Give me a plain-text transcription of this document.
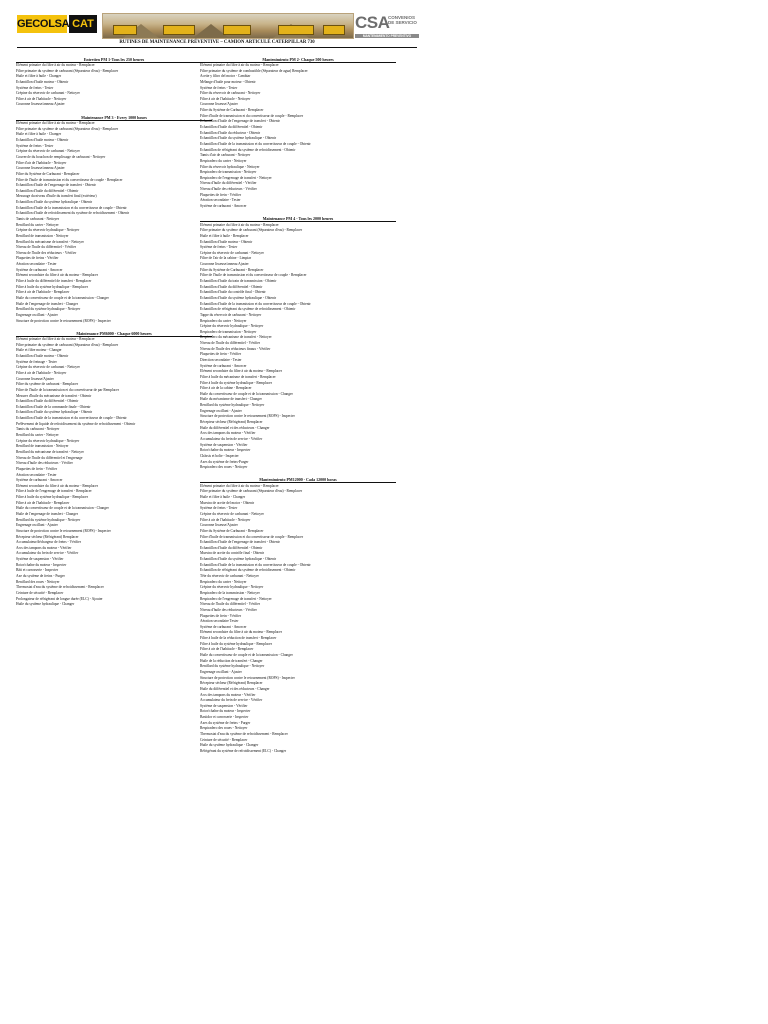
GECOLSA CAT	CSA
CONVENIOS DE SERVICIO
MANTENIMIENTO PREVENTIVO
RUTINES DE MAINTENANCE PRÉVENTIVE – CAMION ARTICULÉ CATERPILLAR 730
Entretien PM 1-Tous les 250 heures
Élément primaire du filtre à air du moteur - Remplacer
Filtre primaire du système de carburant (Séparateur d'eau) - Remplacer
Huile et filtre à huile - Changer
Échantillon d'huile moteur - Obtenir
Système de freins - Tester
Crépine du réservoir de carburant - Nettoyer
Filtre à air de l'habitacle - Nettoyer
Couronne lisseuse/anneau Ajuster
Maintenance PM 3 - Every 1000 hours
Élément primaire du filtre à air du moteur - Remplacer
Filtre primaire du système de carburant (Séparateur d'eau) - Remplacer
Huile et filtre à huile - Changer
Échantillon d'huile moteur - Obtenir
Système de freins - Tester
Crépine du réservoir de carburant - Nettoyer
Couvercle du bouchon de remplissage de carburant - Nettoyer
Filtre d'air de l'habitacle - Nettoyer
Couronne lisseuse/anneau Ajuster
Filtre du Système de Carburant - Remplacer
Filtre de l'huile de transmission et du convertisseur de couple - Remplacer
Échantillon d'huile de l'engrenage de transfert - Obtenir
Échantillon d'huile du différentiel - Obtenir
Mesurage du niveau d'huile du transfert final (extérieur)
Échantillon d'huile du système hydraulique - Obtenir
Échantillon d'huile de la transmission et du convertisseur de couple - Obtenir
Échantillon d'huile de refroidissement du système de refroidissement - Obtenir
Tamis de carburant - Nettoyer
Reniflard du carter - Nettoyer
Crépine du réservoir hydraulique - Nettoyer
Reniflard de transmission - Nettoyer
Reniflard du mécanisme de transfert - Nettoyer
Niveau de l'huile du différentiel - Vérifier
Niveau de l'huile des réducteurs - Vérifier
Plaquettes de freins - Vérifier
Aération secondaire - Tester
Système de carburant - Amorcer
Élément secondaire du filtre à air du moteur - Remplacer
Filtre à huile du différentiel de transfert - Remplacer
Filtre à huile du système hydraulique - Remplacer
Filtre à air de l'habitacle - Remplacer
Huile du convertisseur de couple et de la transmission - Changer
Huile de l'engrenage de transfert - Changer
Reniflard du système hydraulique - Nettoyer
Engrenage oscillant - Ajuster
Structure de protection contre le retournement (ROPS) - Inspecter
Maintenance PM6000 - Chaque 6000 heures
Élément primaire du filtre à air du moteur - Remplacer
Filtre primaire du système de carburant (Séparateur d'eau) - Remplacer
Huile et filtre moteur - Changer
Échantillon d'huile moteur - Obtenir
Système de freinage - Tester
Crépine du réservoir de carburant - Nettoyer
Filtre à air de l'habitacle - Nettoyer
Couronne lisseuse/Ajuster
Filtre du système de carburant - Remplacer
Filtre de l'huile de la transmission et du convertisseur de par Remplacer
Mesurer d'huile du mécanisme de transfert - Obtenir
Échantillon d'huile du différentiel - Obtenir
Échantillon d'huile de la commande finale - Obtenir
Échantillon d'huile du système hydraulique - Obtenir
Échantillon d'huile de la transmission et du convertisseur de couple - Obtenir
Prélèvement de liquide de refroidissement du système de refroidissement - Obtenir
Tamis du carburant - Nettoyer
Reniflard du carter - Nettoyer
Crépine du réservoir hydraulique - Nettoyer
Reniflard de transmission - Nettoyer
Reniflard du mécanisme de transfert - Nettoyer
Niveau de l'huile du différentiel et l'engrenage
Niveau d'huile des réducteurs - Vérifier
Plaquettes de frein - Vérifier
Aération secondaire - Tester
Système de carburant - Amorcer
Élément secondaire du filtre à air du moteur - Remplacer
Filtre à huile de l'engrenage de transfert - Remplacer
Filtre à huile du système hydraulique - Remplacer
Filtre à air de l'habitacle - Remplacer
Huile du convertisseur de couple et de la transmission - Changer
Huile de l'engrenage de transfert - Changer
Reniflard du système hydraulique - Nettoyer
Engrenage oscillant - Ajuster
Structure de protection contre le retournement (ROPS) - Inspecter
Récepteur sécheur (Réfrigérant) Remplacer
Accumulateur/déchargeur de freins - Vérifier
Arcs des tampons du moteur - Vérifier
Accumulateur du frein de service - Vérifier
Système de suspension - Vérifier
Rotor/chaîne du moteur - Inspecter
Bâti et carrosserie - Inspecter
Axe du système de freins - Purger
Reniflard des roues - Nettoyer
Thermostat d'eau du système de refroidissement - Remplacer
Ceinture de sécurité - Remplacer
Prolongateur de réfrigérant de longue durée (ELC) - Ajouter
Huile du système hydraulique - Changer
Mantenimiento PM 2- Chaque 500 heures
Élément primaire du filtre à air du moteur - Remplacer
Filtre primaire du système de combustible (Séparateur de agua) Remplacer
Aceite y filtro del motor - Cambiar
Mélange d'huile pour moteur - Obtenir
Système de freins - Tester
Filtre du réservoir de carburant - Nettoyer
Filtre à air de l'habitacle - Nettoyer
Couronne lisseuse/Ajuster
Filtre du Système de Carburant - Remplacer
Filtre d'huile de transmission et du convertisseur de couple - Remplacer
Échantillon d'huile de l'engrenage de transfert - Obtenir
Échantillon d'huile du différentiel - Obtenir
Échantillon d'huile du réducteur - Obtenir
Échantillon d'huile du système hydraulique - Obtenir
Échantillon d'huile de la transmission et du convertisseur de couple - Obtenir
Échantillon de réfrigérant du système de refroidissement - Obtenir
Tamis d'air de carburant - Nettoyer
Respiradero du carter - Nettoyer
Filtre du réservoir hydraulique - Nettoyer
Respiradero de transmission - Nettoyer
Respiradero de l'engrenage de transfert - Nettoyer
Niveau d'huile du différentiel - Vérifier
Niveau d'huile des réducteurs - Vérifier
Plaquettes de frein - Vérifier
Aération secondaire - Tester
Système de carburant - Amorcer
Maintenance PM 4 - Tous les 2000 heures
Élément primaire du filtre à air du moteur - Remplacer
Filtre primaire du système de carburant (Séparateur d'eau) - Remplacer
Huile et filtre à huile - Remplacer
Échantillon d'huile moteur - Obtenir
Système de freins - Tester
Crépine du réservoir de carburant - Nettoyer
Filtre de l'air de la cabine - Limpiar
Couronne lisseuse/anneau Ajuster
Filtre du Système de Carburant - Remplacer
Filtre de l'huile de transmission et du convertisseur de couple - Remplacer
Échantillon d'huile du train de transmission - Obtenir
Échantillon d'huile du différentiel - Obtenir
Échantillon d'huile du contrôle final - Obtenir
Échantillon d'huile du système hydraulique - Obtenir
Échantillon d'huile de la transmission et du convertisseur de couple - Obtenir
Échantillon de réfrigérant du système de refroidissement - Obtenir
Tappe du réservoir de carburant - Nettoyer
Respiradero du carter - Nettoyer
Crépine du réservoir hydraulique - Nettoyer
Respiradero de transmission - Nettoyer
Respiradero du mécanisme de transfert - Nettoyer
Niveau de l'huile du différentiel - Vérifier
Niveau de l'huile des réducteurs finaux - Vérifier
Plaquettes de frein - Vérifier
Direction secondaire - Tester
Système de carburant - Amorcer
Élément secondaire du filtre à air du moteur - Remplacer
Filtre à huile du mécanisme de transfert - Remplacer
Filtre à huile du système hydraulique - Remplacer
Filtre à air de la cabine - Remplacer
Huile du convertisseur de couple et de la transmission - Changer
Huile du mécanisme de transfert - Changer
Reniflard du système hydraulique - Nettoyer
Engrenage oscillant - Ajuster
Structure de protection contre le retournement (ROPS) - Inspecter
Récepteur sécheur (Réfrigérant) Remplacer
Huile du différentiel et des réducteurs - Changer
Arcs des tampons du moteur - Vérifier
Accumulateur du frein de service - Vérifier
Système de suspension - Vérifier
Rotor/chaîne du moteur - Inspecter
Châssis et boîte - Inspecter
Axes du système de freins-Purger
Respiradero des roues - Nettoyer
Mantenimiento PM12000 - Cada 12000 horas
Élément primaire du filtre à air du moteur - Remplacer
Filtre primaire du système de carburant (Séparateur d'eau) - Remplacer
Huile et filtre à huile - Changer
Muestra de aceite del motor - Obtenir
Système de freins - Tester
Crépine du réservoir de carburant - Nettoyer
Filtre à air de l'habitacle - Nettoyer
Couronne lisseuse/Ajuster
Filtre du Système de Carburant - Remplacer
Filtre d'huile de transmission et du convertisseur de couple - Remplacer
Échantillon d'huile de l'engrenage de transfert - Obtenir
Échantillon d'huile du différentiel - Obtenir
Muestra de aceite du contrôle final - Obtenir
Échantillon d'huile du système hydraulique - Obtenir
Échantillon d'huile de la transmission et du convertisseur de couple - Obtenir
Échantillon de réfrigérant du système de refroidissement - Obtenir
Tête du réservoir de carburant - Nettoyer
Respiradero du carter - Nettoyer
Crépine du réservoir hydraulique - Nettoyer
Respiradero de la transmission - Nettoyer
Respiradero de l'engrenage de transfert - Nettoyer
Niveau de l'huile du différentiel - Vérifier
Niveau d'huile des réducteurs - Vérifier
Plaquettes de frein - Vérifier
Aération secondaire Tester
Système de carburant - Amorcer
Élément secondaire du filtre à air du moteur - Remplacer
Filtre à huile de la réduction de transfert - Remplacer
Filtre à huile du système hydraulique - Remplacer
Filtre à air de l'habitacle - Remplacer
Huile du convertisseur de couple et de la transmission - Changer
Huile de la réduction de transfert - Changer
Reniflard du système hydraulique - Nettoyer
Engrenage oscillant - Ajuster
Structure de protection contre le retournement (ROPS) - Inspecter
Récepteur sécheur (Réfrigérant) Remplacer
Huile du différentiel et des réducteurs - Changer
Arcs des tampons du moteur - Vérifier
Accumulateur du frein de service - Vérifier
Système de suspension - Vérifier
Rotor/chaîne du moteur - Inspecter
Bastidor et carrosserie - Inspecter
Axes du système de freins - Purger
Respiradero des roues - Nettoyer
Thermostat d'eau du système de refroidissement - Remplacer
Ceinture de sécurité - Remplacer
Huile du système hydraulique - Changer
Réfrigérant du système de refroidissement (ELC) - Changer
